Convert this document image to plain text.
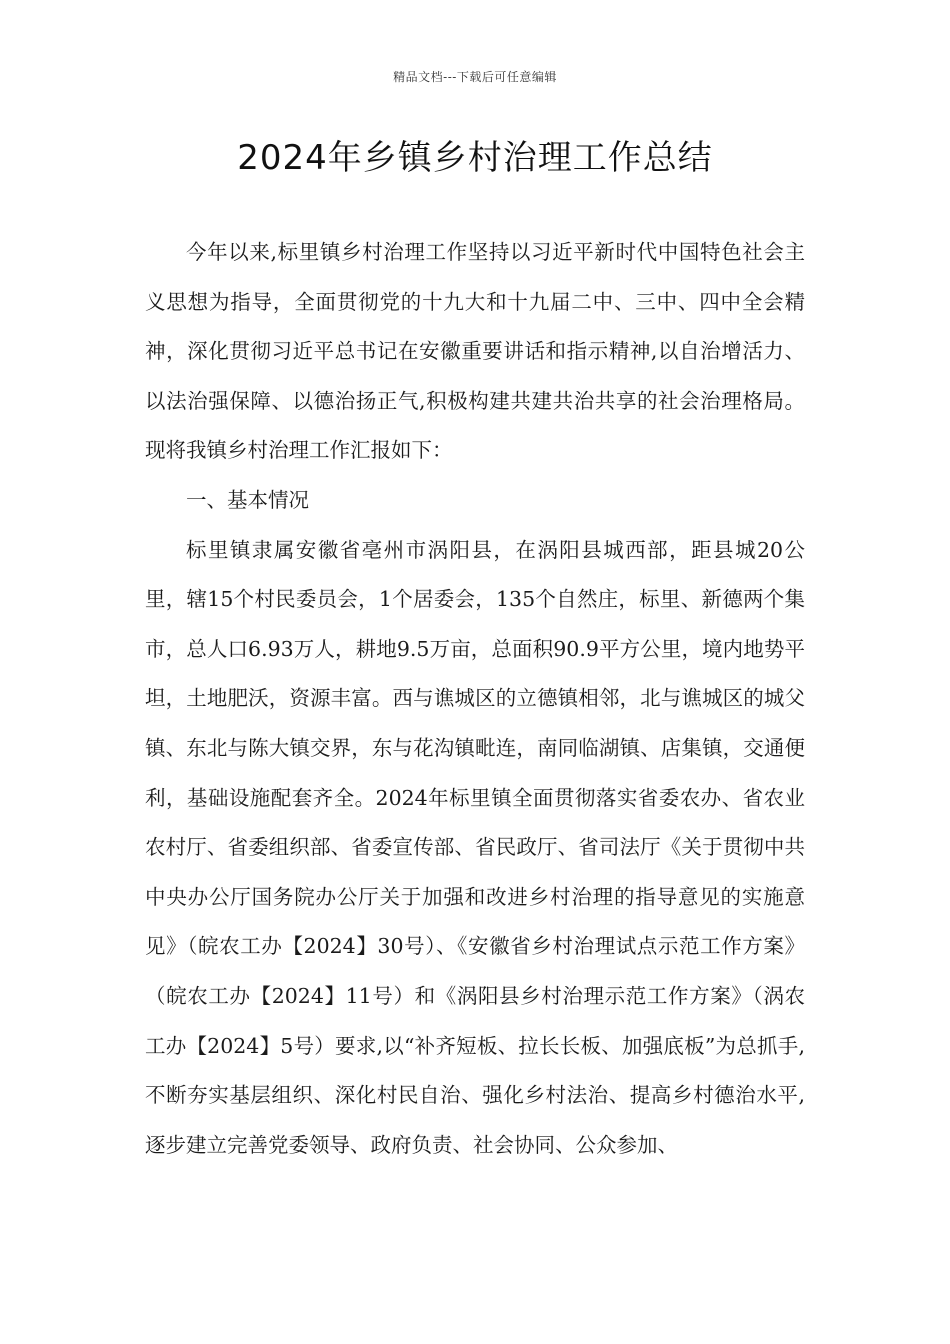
精品文档---下载后可任意编辑
2024年乡镇乡村治理工作总结

今年以来,标里镇乡村治理工作坚持以习近平新时代中国特色社会主义思想为指导，全面贯彻党的十九大和十九届二中、三中、四中全会精神，深化贯彻习近平总书记在安徽重要讲话和指示精神,以自治增活力、以法治强保障、以德治扬正气,积极构建共建共治共享的社会治理格局。现将我镇乡村治理工作汇报如下：

一、基本情况

标里镇隶属安徽省亳州市涡阳县，在涡阳县城西部，距县城20公里，辖15个村民委员会，1个居委会，135个自然庄，标里、新德两个集市，总人口6.93万人，耕地9.5万亩，总面积90.9平方公里，境内地势平坦，土地肥沃，资源丰富。西与谯城区的立德镇相邻，北与谯城区的城父镇、东北与陈大镇交界，东与花沟镇毗连，南同临湖镇、店集镇，交通便利，基础设施配套齐全。2024年标里镇全面贯彻落实省委农办、省农业农村厅、省委组织部、省委宣传部、省民政厅、省司法厅《关于贯彻中共中央办公厅国务院办公厅关于加强和改进乡村治理的指导意见的实施意见》（皖农工办【2024】30号）、《安徽省乡村治理试点示范工作方案》（皖农工办【2024】11号）和《涡阳县乡村治理示范工作方案》（涡农工办【2024】5号）要求,以“补齐短板、拉长长板、加强底板”为总抓手,不断夯实基层组织、深化村民自治、强化乡村法治、提高乡村德治水平,逐步建立完善党委领导、政府负责、社会协同、公众参加、
